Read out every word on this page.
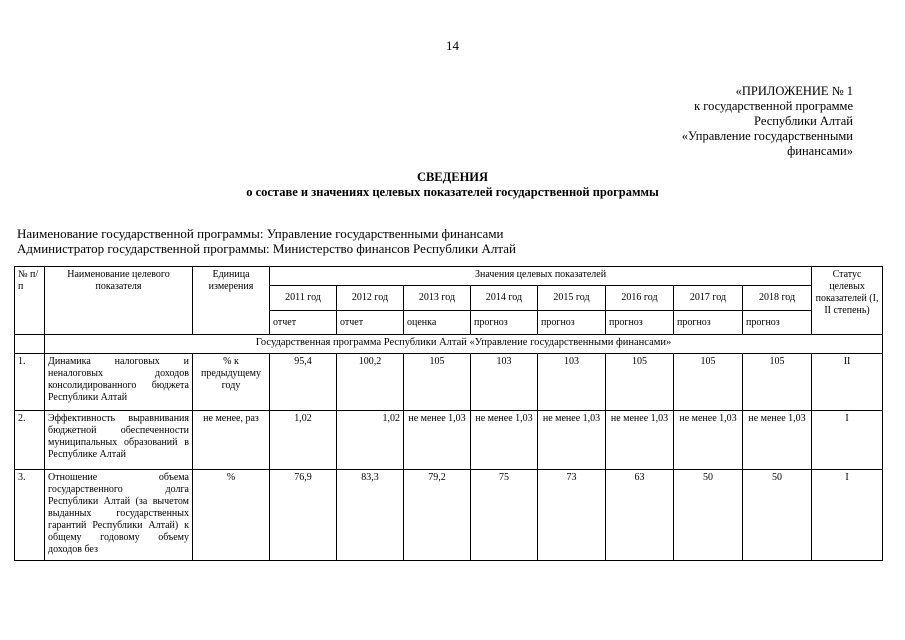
14
«ПРИЛОЖЕНИЕ № 1
к государственной программе
Республики Алтай
«Управление государственными
финансами»
СВЕДЕНИЯ
о составе и значениях целевых показателей государственной программы
Наименование государственной программы: Управление государственными финансами
Администратор государственной программы: Министерство финансов Республики Алтай
№ п/п	Наименование целевого показателя	Единица измерения	Значения целевых показателей								Статус целевых показателей (I, II степень)
			2011 год	2012 год	2013 год	2014 год	2015 год	2016 год	2017 год	2018 год	
			отчет	отчет	оценка	прогноз	прогноз	прогноз	прогноз	прогноз	
	Государственная программа Республики Алтай «Управление государственными финансами»										
1.	Динамика налоговых и неналоговых доходов консолидированного бюджета Республики Алтай	% к предыдущему году	95,4	100,2	105	103	103	105	105	105	II
2.	Эффективность выравнивания бюджетной обеспеченности муниципальных образований в Республике Алтай	не менее, раз	1,02	1,02	не менее 1,03	не менее 1,03	не менее 1,03	не менее 1,03	не менее 1,03	не менее 1,03	I
3.	Отношение объема государственного долга Республики Алтай (за вычетом выданных государственных гарантий Республики Алтай) к общему годовому объему доходов без	%	76,9	83,3	79,2	75	73	63	50	50	I
